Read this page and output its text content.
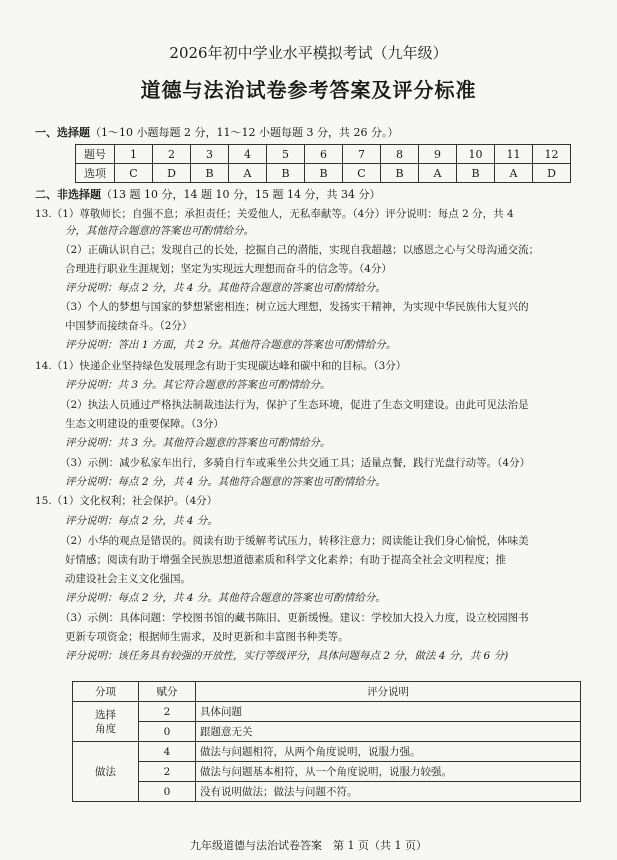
2026年初中学业水平模拟考试（九年级）
道德与法治试卷参考答案及评分标准
一、选择题（1～10 小题每题 2 分，11～12 小题每题 3 分，共 26 分。）
题号	1	2	3	4	5	6	7	8	9	10	11	12
选项	C	D	B	A	B	B	C	B	A	B	A	D
二、非选择题（13 题 10 分，14 题 10 分，15 题 14 分，共 34 分）
13.（1）尊敬师长；自强不息；承担责任；关爱他人，无私奉献等。（4分）评分说明：每点 2 分，共 4
分，其他符合题意的答案也可酌情给分。
（2）正确认识自己；发现自己的长处，挖掘自己的潜能，实现自我超越；以感恩之心与父母沟通交流；
合理进行职业生涯规划；坚定为实现远大理想而奋斗的信念等。（4分）
评分说明：每点 2 分，共 4 分。其他符合题意的答案也可酌情给分。
（3）个人的梦想与国家的梦想紧密相连；树立远大理想，发扬实干精神，为实现中华民族伟大复兴的
中国梦而接续奋斗。（2分）
评分说明：答出 1 方面，共 2 分。其他符合题意的答案也可酌情给分。
14.（1）快递企业坚持绿色发展理念有助于实现碳达峰和碳中和的目标。（3分）
评分说明：共 3 分。其它符合题意的答案也可酌情给分。
（2）执法人员通过严格执法制裁违法行为，保护了生态环境，促进了生态文明建设。由此可见法治是
生态文明建设的重要保障。（3分）
评分说明：共 3 分。其他符合题意的答案也可酌情给分。
（3）示例：减少私家车出行，多骑自行车或乘坐公共交通工具；适量点餐，践行光盘行动等。（4分）
评分说明：每点 2 分，共 4 分。其他符合题意的答案也可酌情给分。
15.（1）文化权利；社会保护。（4分）
评分说明：每点 2 分，共 4 分。
（2）小华的观点是错误的。阅读有助于缓解考试压力，转移注意力；阅读能让我们身心愉悦，体味美
好情感；阅读有助于增强全民族思想道德素质和科学文化素养；有助于提高全社会文明程度；推
动建设社会主义文化强国。
评分说明：每点 2 分，共 4 分。其他符合题意的答案也可酌情给分。
（3）示例：具体问题：学校图书馆的藏书陈旧、更新缓慢。建议：学校加大投入力度，设立校园图书
更新专项资金；根据师生需求，及时更新和丰富图书种类等。
评分说明：该任务具有较强的开放性，实行等级评分，具体问题每点 2 分，做法 4 分，共 6 分)
分项	赋分	评分说明
选择
角度	2	具体问题
	0	跟题意无关
做法	4	做法与问题相符，从两个角度说明，说服力强。
	2	做法与问题基本相符，从一个角度说明，说服力较强。
	0	没有说明做法；做法与问题不符。
九年级道德与法治试卷答案　第 1 页（共 1 页）
